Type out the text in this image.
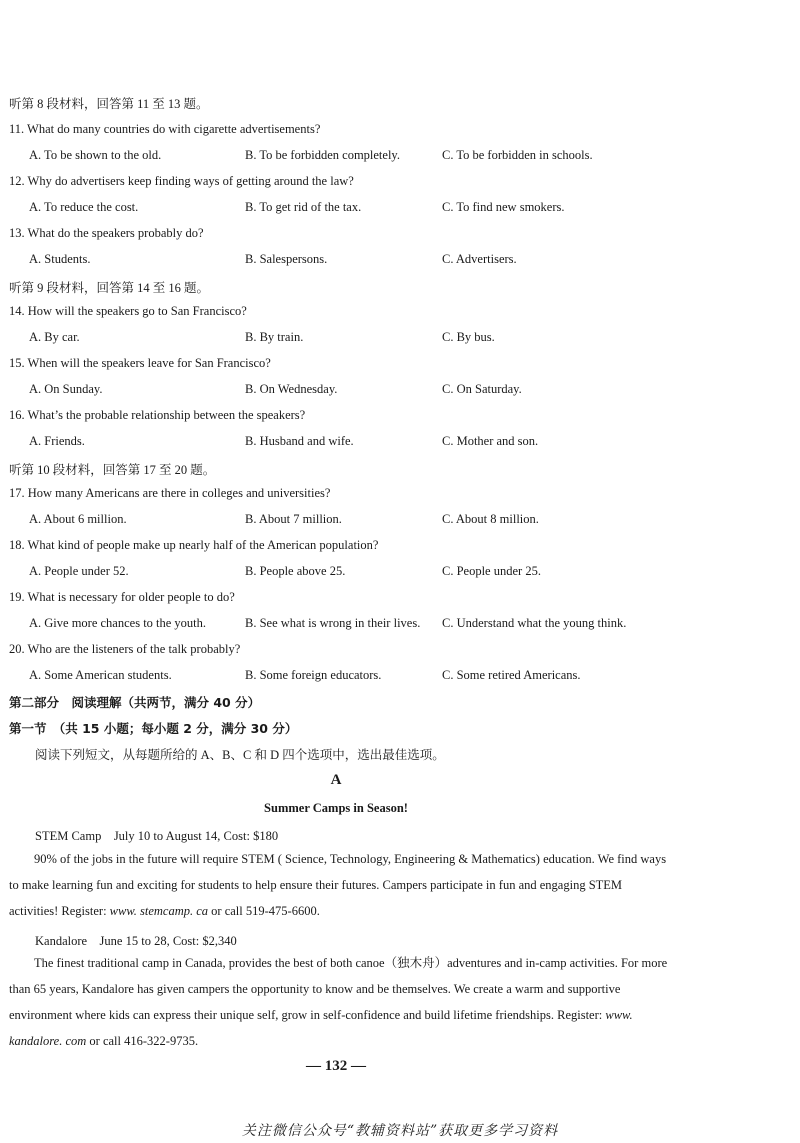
听第 8 段材料，回答第 11 至 13 题。
11. What do many countries do with cigarette advertisements?
A. To be shown to the old.	B. To be forbidden completely.	C. To be forbidden in schools.
12. Why do advertisers keep finding ways of getting around the law?
A. To reduce the cost.	B. To get rid of the tax.	C. To find new smokers.
13. What do the speakers probably do?
A. Students.	B. Salespersons.	C. Advertisers.
听第 9 段材料，回答第 14 至 16 题。
14. How will the speakers go to San Francisco?
A. By car.	B. By train.	C. By bus.
15. When will the speakers leave for San Francisco?
A. On Sunday.	B. On Wednesday.	C. On Saturday.
16. What’s the probable relationship between the speakers?
A. Friends.	B. Husband and wife.	C. Mother and son.
听第 10 段材料，回答第 17 至 20 题。
17. How many Americans are there in colleges and universities?
A. About 6 million.	B. About 7 million.	C. About 8 million.
18. What kind of people make up nearly half of the American population?
A. People under 52.	B. People above 25.	C. People under 25.
19. What is necessary for older people to do?
A. Give more chances to the youth.	B. See what is wrong in their lives. C. Understand what the young think.
20. Who are the listeners of the talk probably?
A. Some American students.	B. Some foreign educators.	C. Some retired Americans.
第二部分　阅读理解（共两节，满分 40 分）
第一节　（共 15 小题；每小题 2 分，满分 30 分）
阅读下列短文，从每题所给的 A、B、C 和 D 四个选项中，选出最佳选项。
A
Summer Camps in Season!
STEM Camp　July 10 to August 14, Cost: $180
90% of the jobs in the future will require STEM ( Science, Technology, Engineering & Mathematics) education. We find ways to make learning fun and exciting for students to help ensure their futures. Campers participate in fun and engaging STEM activities! Register: www. stemcamp. ca or call 519-475-6600.
Kandalore　June 15 to 28, Cost: $2,340
The finest traditional camp in Canada, provides the best of both canoe（独木舟）adventures and in-camp activities. For more than 65 years, Kandalore has given campers the opportunity to know and be themselves. We create a warm and supportive environment where kids can express their unique self, grow in self-confidence and build lifetime friendships. Register: www. kandalore. com or call 416-322-9735.
— 132 —
关注微信公众号“教辅资料站”获取更多学习资料
